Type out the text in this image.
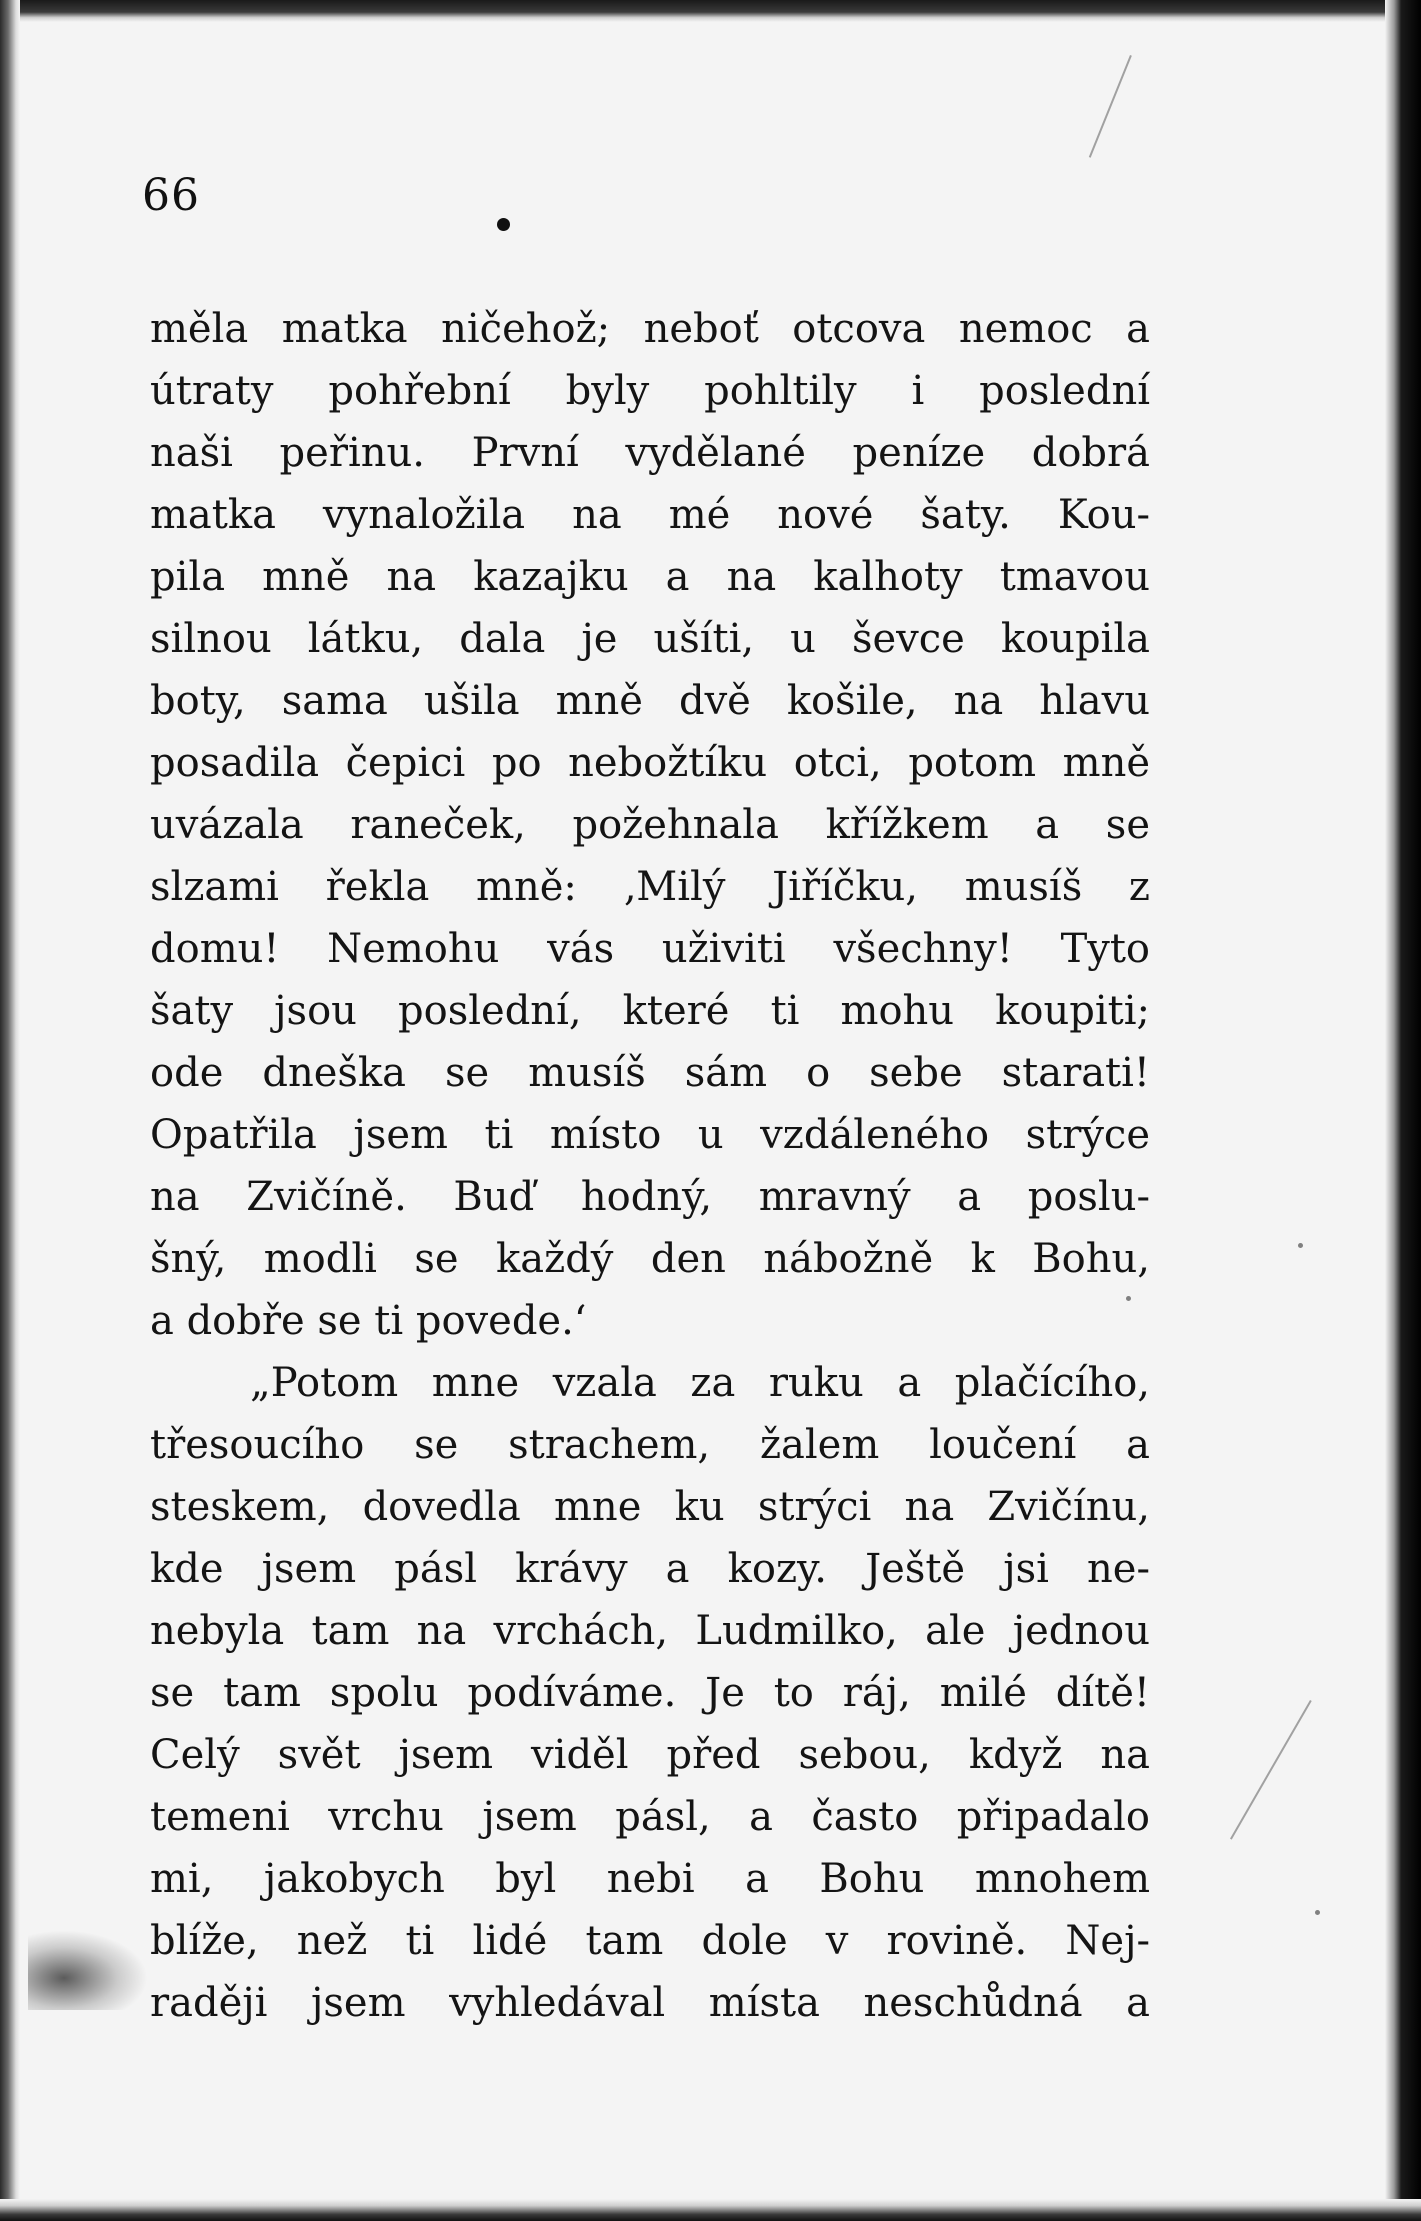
66
měla matka ničehož; neboť otcova nemoc a
útraty pohřební byly pohltily i poslední
naši peřinu. První vydělané peníze dobrá
matka vynaložila na mé nové šaty. Kou-
pila mně na kazajku a na kalhoty tmavou
silnou látku, dala je ušíti, u ševce koupila
boty, sama ušila mně dvě košile, na hlavu
posadila čepici po nebožtíku otci, potom mně
uvázala raneček, požehnala křížkem a se
slzami řekla mně: ‚Milý Jiříčku, musíš z
domu! Nemohu vás uživiti všechny! Tyto
šaty jsou poslední, které ti mohu koupiti;
ode dneška se musíš sám o sebe starati!
Opatřila jsem ti místo u vzdáleného strýce
na Zvičíně. Buď hodný, mravný a poslu-
šný, modli se každý den nábožně k Bohu,
a dobře se ti povede.‘
„Potom mne vzala za ruku a plačícího,
třesoucího se strachem, žalem loučení a
steskem, dovedla mne ku strýci na Zvičínu,
kde jsem pásl krávy a kozy. Ještě jsi ne-
nebyla tam na vrchách, Ludmilko, ale jednou
se tam spolu podíváme. Je to ráj, milé dítě!
Celý svět jsem viděl před sebou, když na
temeni vrchu jsem pásl, a často připadalo
mi, jakobych byl nebi a Bohu mnohem
blíže, než ti lidé tam dole v rovině. Nej-
raději jsem vyhledával místa neschůdná a
